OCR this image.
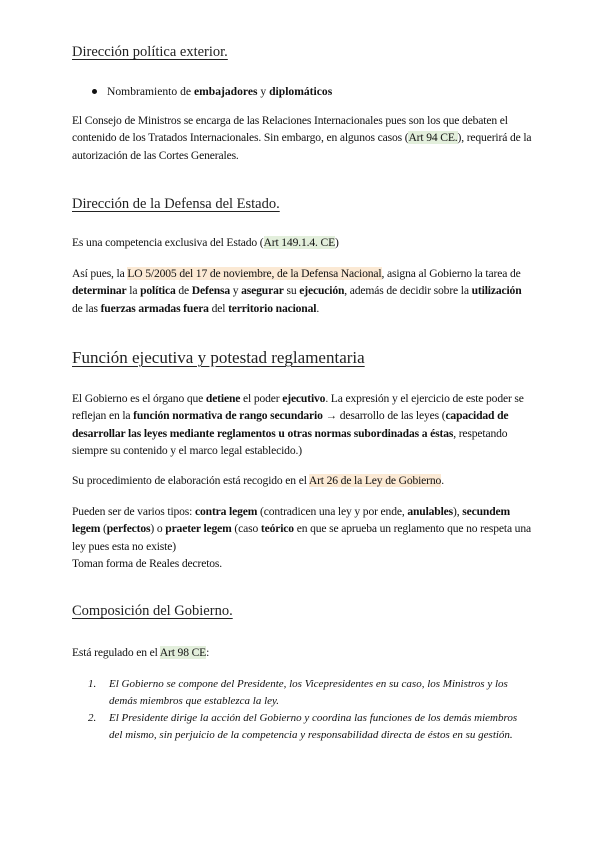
Dirección política exterior.
Nombramiento de embajadores y diplomáticos

El Consejo de Ministros se encarga de las Relaciones Internacionales pues son los que debaten el contenido de los Tratados Internacionales. Sin embargo, en algunos casos (Art 94 CE.), requerirá de la autorización de las Cortes Generales.

Dirección de la Defensa del Estado.

Es una competencia exclusiva del Estado (Art 149.1.4. CE)

Así pues, la LO 5/2005 del 17 de noviembre, de la Defensa Nacional, asigna al Gobierno la tarea de determinar la política de Defensa y asegurar su ejecución, además de decidir sobre la utilización de las fuerzas armadas fuera del territorio nacional.

Función ejecutiva y potestad reglamentaria

El Gobierno es el órgano que detiene el poder ejecutivo. La expresión y el ejercicio de este poder se reflejan en la función normativa de rango secundario → desarrollo de las leyes (capacidad de desarrollar las leyes mediante reglamentos u otras normas subordinadas a éstas, respetando siempre su contenido y el marco legal establecido.)

Su procedimiento de elaboración está recogido en el Art 26 de la Ley de Gobierno.

Pueden ser de varios tipos: contra legem (contradicen una ley y por ende, anulables), secundem legem (perfectos) o praeter legem (caso teórico en que se aprueba un reglamento que no respeta una ley pues esta no existe)
Toman forma de Reales decretos.

Composición del Gobierno.

Está regulado en el Art 98 CE:

1. El Gobierno se compone del Presidente, los Vicepresidentes en su caso, los Ministros y los demás miembros que establezca la ley.
2. El Presidente dirige la acción del Gobierno y coordina las funciones de los demás miembros del mismo, sin perjuicio de la competencia y responsabilidad directa de éstos en su gestión.
